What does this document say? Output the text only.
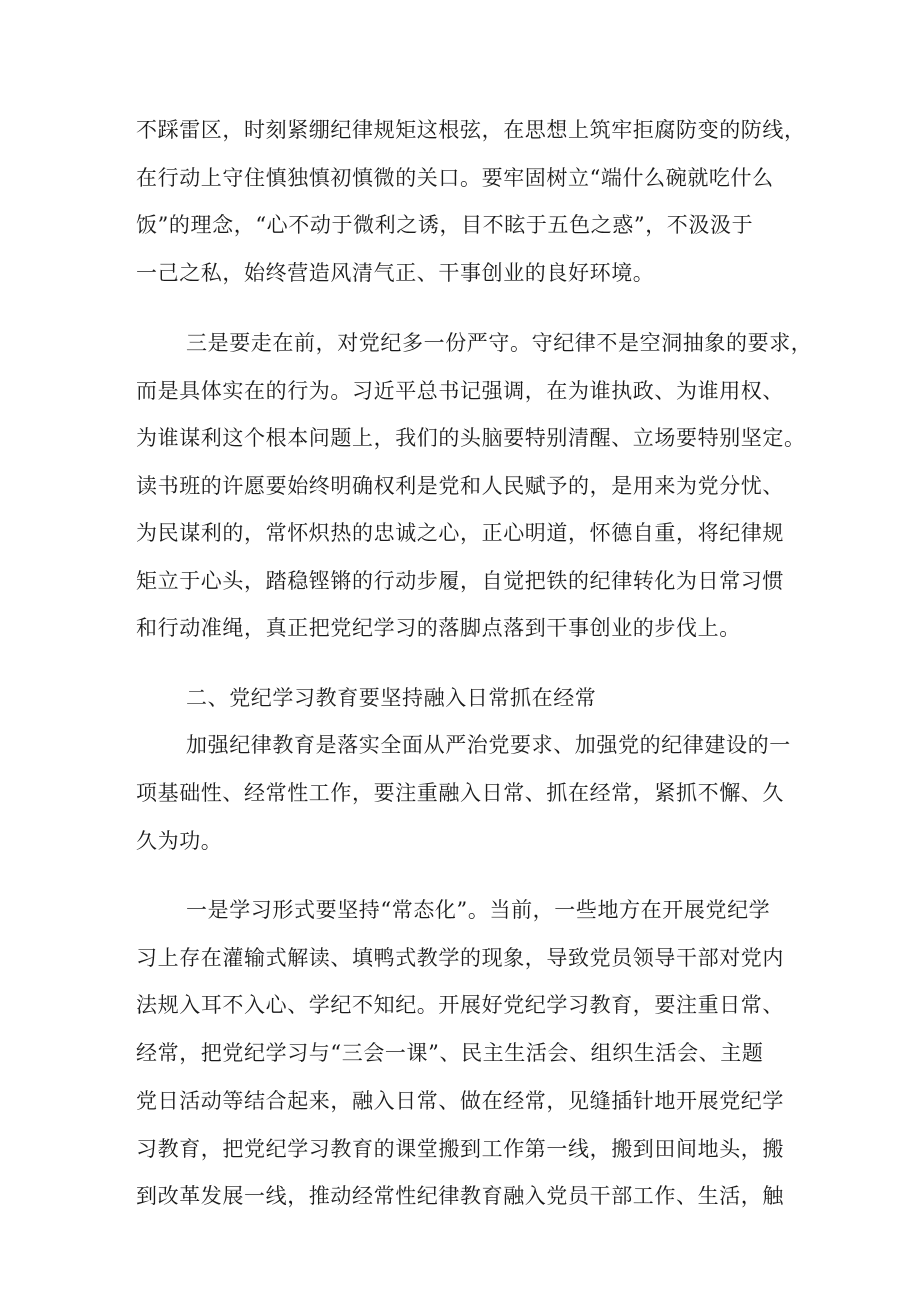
不踩雷区，时刻紧绷纪律规矩这根弦，在思想上筑牢拒腐防变的防线，
在行动上守住慎独慎初慎微的关口。要牢固树立“端什么碗就吃什么
饭”的理念，“心不动于微利之诱，目不眩于五色之惑”，不汲汲于
一己之私，始终营造风清气正、干事创业的良好环境。
三是要走在前，对党纪多一份严守。守纪律不是空洞抽象的要求，
而是具体实在的行为。习近平总书记强调，在为谁执政、为谁用权、
为谁谋利这个根本问题上，我们的头脑要特别清醒、立场要特别坚定。
读书班的许愿要始终明确权利是党和人民赋予的，是用来为党分忧、
为民谋利的，常怀炽热的忠诚之心，正心明道，怀德自重，将纪律规
矩立于心头，踏稳铿锵的行动步履，自觉把铁的纪律转化为日常习惯
和行动准绳，真正把党纪学习的落脚点落到干事创业的步伐上。
二、党纪学习教育要坚持融入日常抓在经常
加强纪律教育是落实全面从严治党要求、加强党的纪律建设的一
项基础性、经常性工作，要注重融入日常、抓在经常，紧抓不懈、久
久为功。
一是学习形式要坚持“常态化”。当前，一些地方在开展党纪学
习上存在灌输式解读、填鸭式教学的现象，导致党员领导干部对党内
法规入耳不入心、学纪不知纪。开展好党纪学习教育，要注重日常、
经常，把党纪学习与“三会一课”、民主生活会、组织生活会、主题
党日活动等结合起来，融入日常、做在经常，见缝插针地开展党纪学
习教育，把党纪学习教育的课堂搬到工作第一线，搬到田间地头，搬
到改革发展一线，推动经常性纪律教育融入党员干部工作、生活，触
